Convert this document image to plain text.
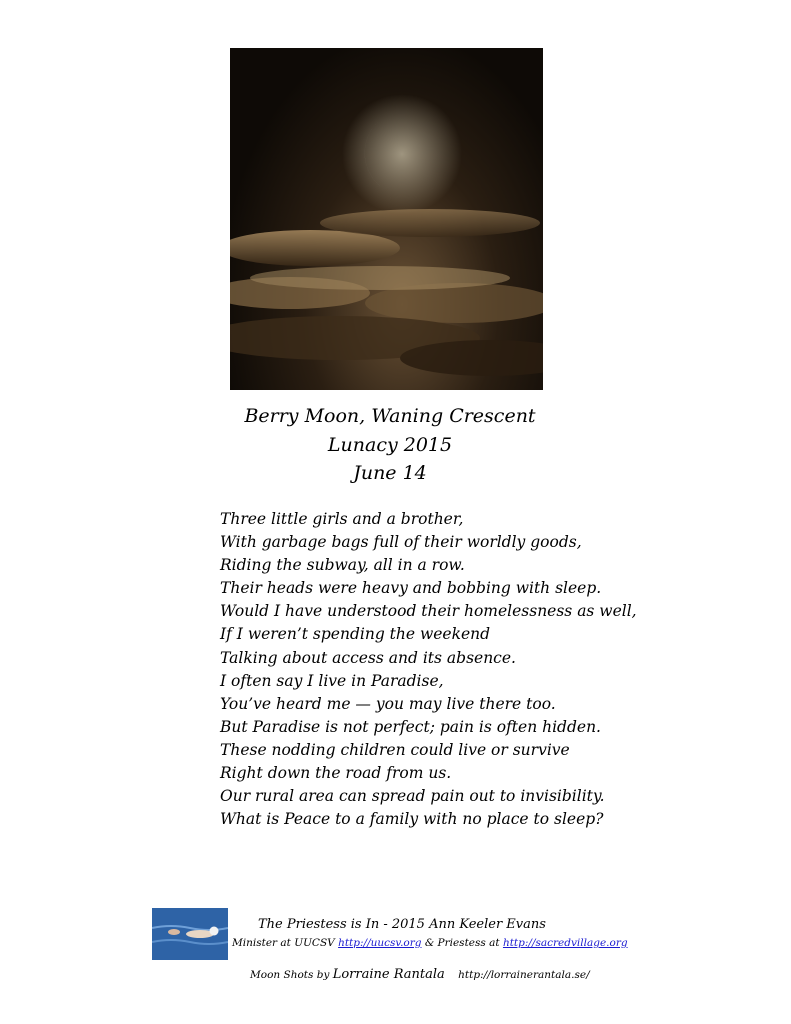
Berry Moon, Waning Crescent
Lunacy 2015
June 14
Three little girls and a brother,
With garbage bags full of their worldly goods,
Riding the subway, all in a row.
Their heads were heavy and bobbing with sleep.
Would I have understood their homelessness as well,
If I weren’t spending the weekend
Talking about access and its absence.
I often say I live in Paradise,
You’ve heard me — you may live there too.
But Paradise is not perfect; pain is often hidden.
These nodding children could live or survive
Right down the road from us.
Our rural area can spread pain out to invisibility.
What is Peace to a family with no place to sleep?
The Priestess is In - 2015 Ann Keeler Evans
Minister at UUCSV http://uucsv.org & Priestess at http://sacredvillage.org
Moon Shots by Lorraine Rantala http://lorrainerantala.se/
